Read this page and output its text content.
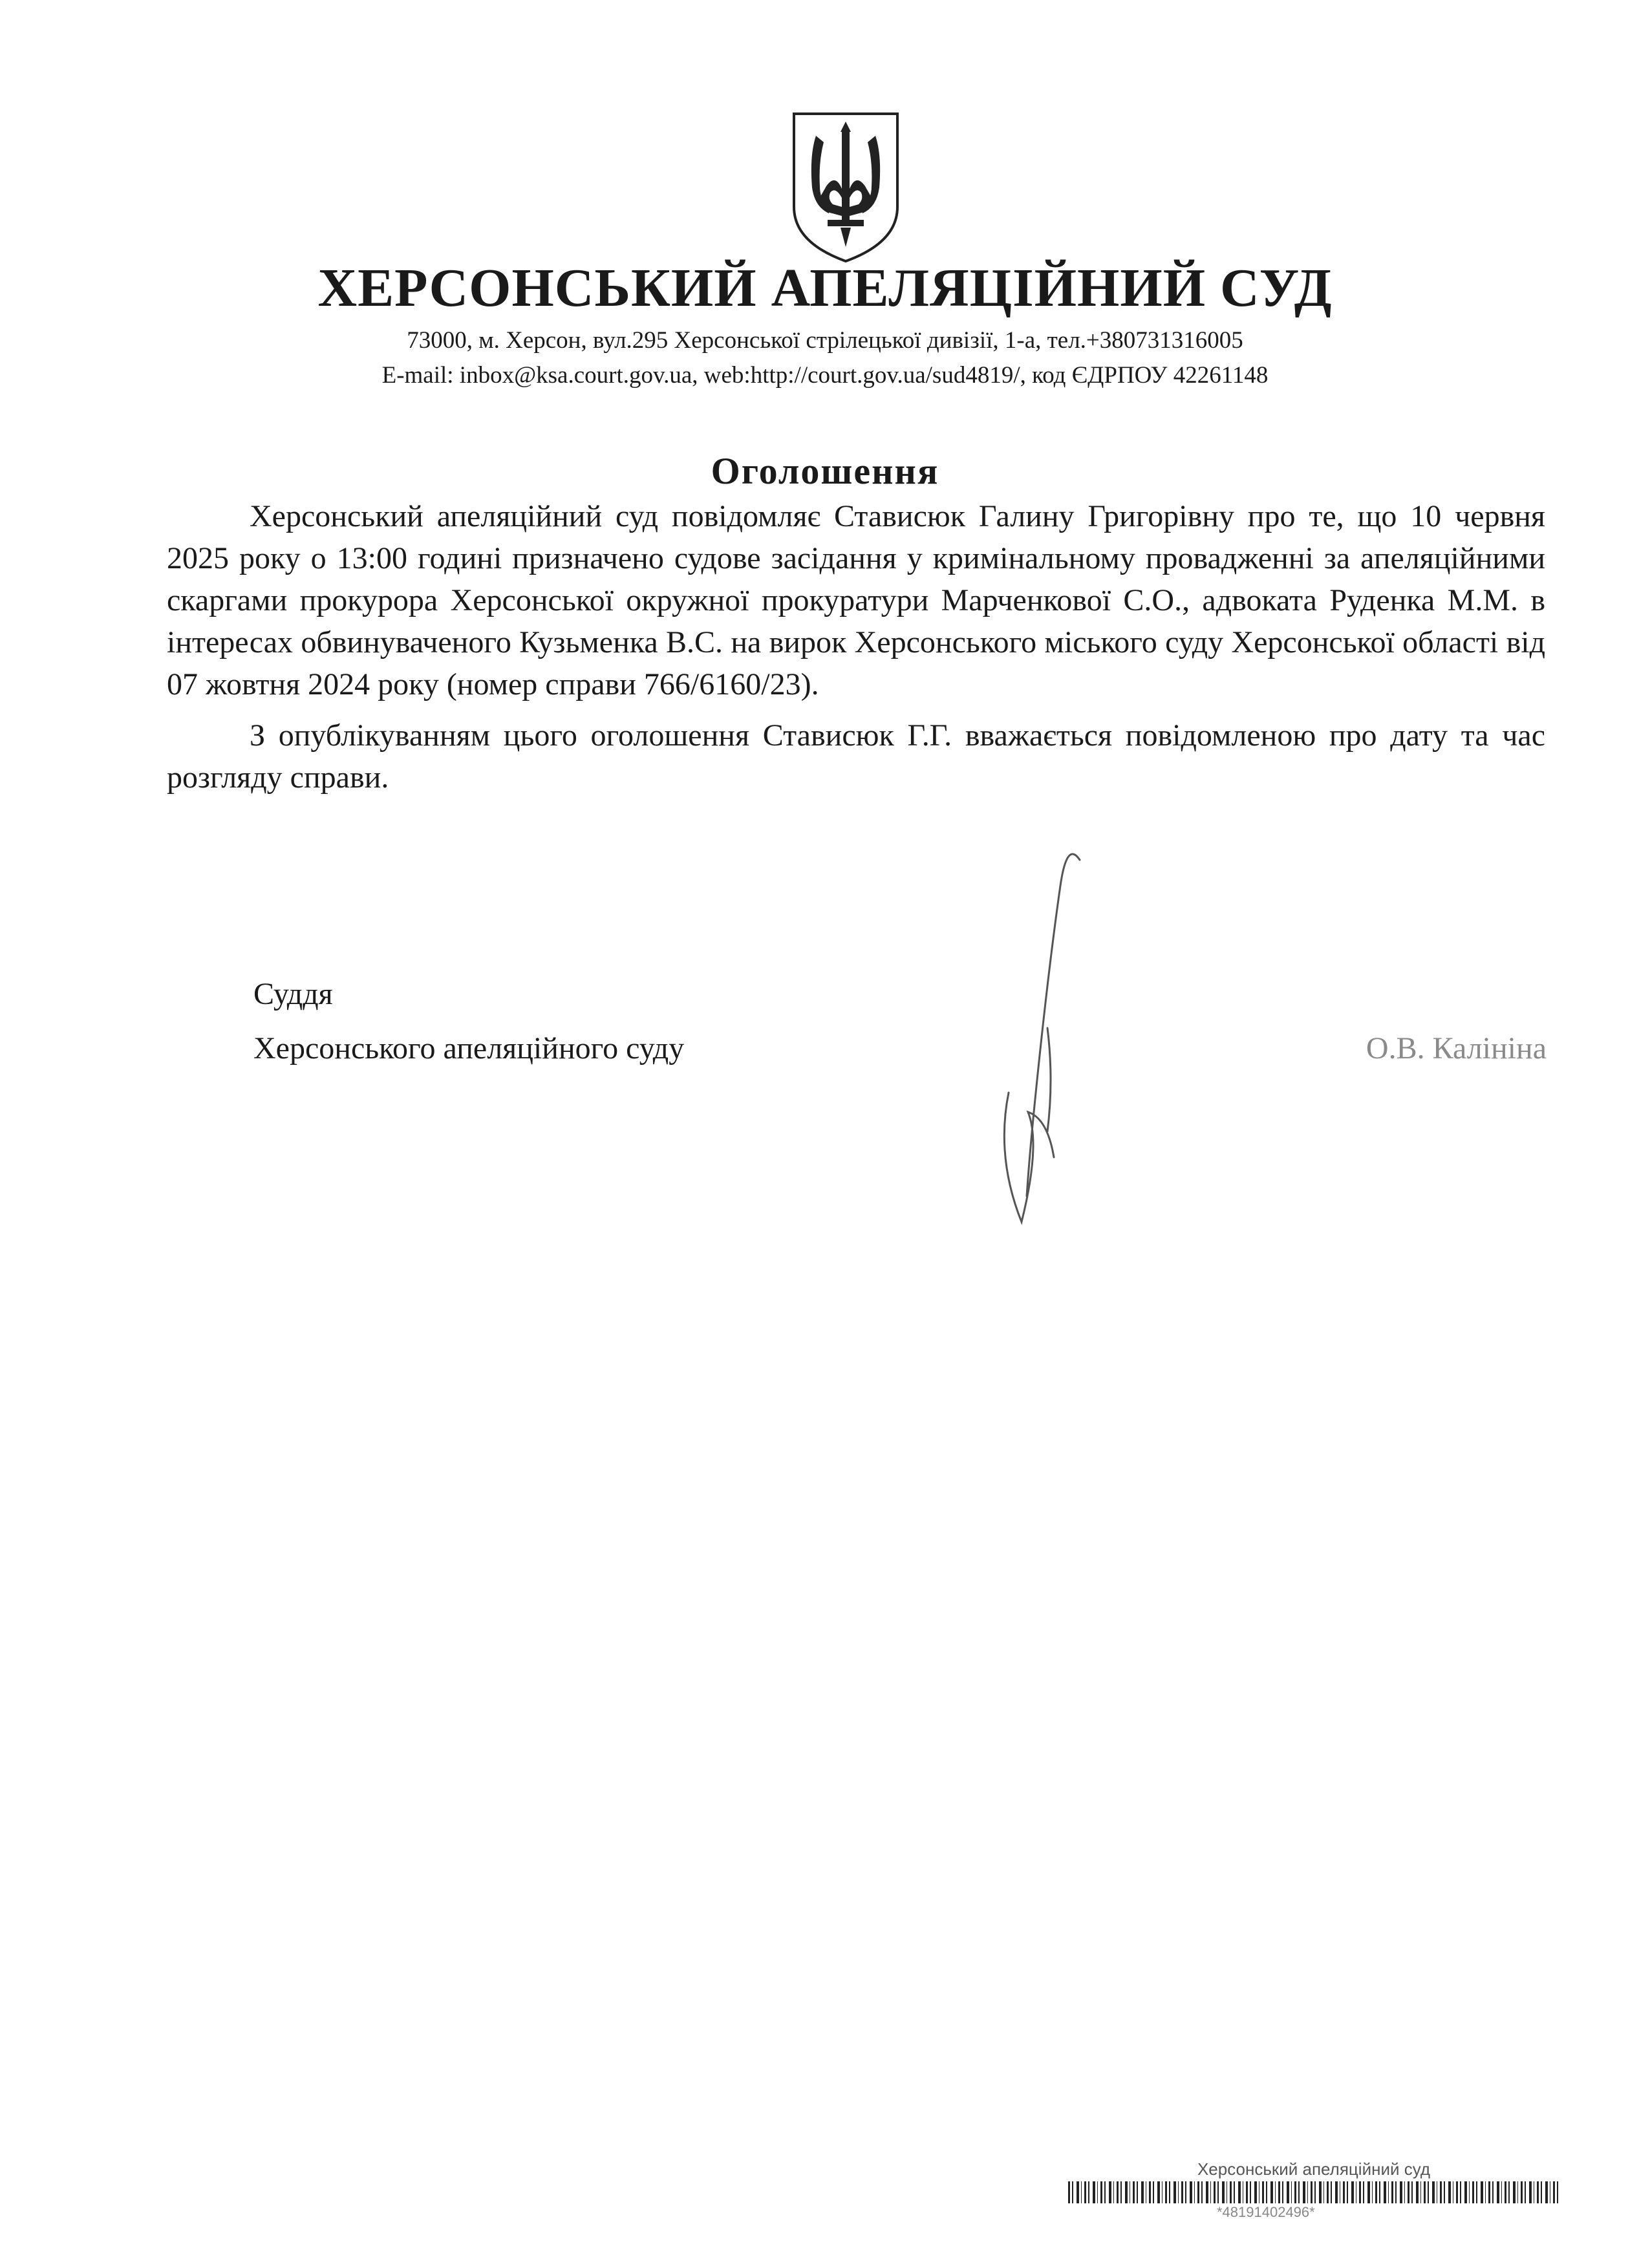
ХЕРСОНСЬКИЙ АПЕЛЯЦІЙНИЙ СУД
73000, м. Херсон, вул.295 Херсонської стрілецької дивізії, 1-а, тел.+380731316005
E-mail: inbox@ksa.court.gov.ua, web:http://court.gov.ua/sud4819/, код ЄДРПОУ 42261148
Оголошення

Херсонський апеляційний суд повідомляє Стависюк Галину Григорівну про те, що 10 червня 2025 року о 13:00 годині призначено судове засідання у кримінальному провадженні за апеляційними скаргами прокурора Херсонської окружної прокуратури Марченкової С.О., адвоката Руденка М.М. в інтересах обвинуваченого Кузьменка В.С. на вирок Херсонського міського суду Херсонської області від 07 жовтня 2024 року (номер справи 766/6160/23).

З опублікуванням цього оголошення Стависюк Г.Г. вважається повідомленою про дату та час розгляду справи.

Суддя
Херсонського апеляційного суду	О.В. Калініна
Херсонський апеляційний суд
*48191402496*
